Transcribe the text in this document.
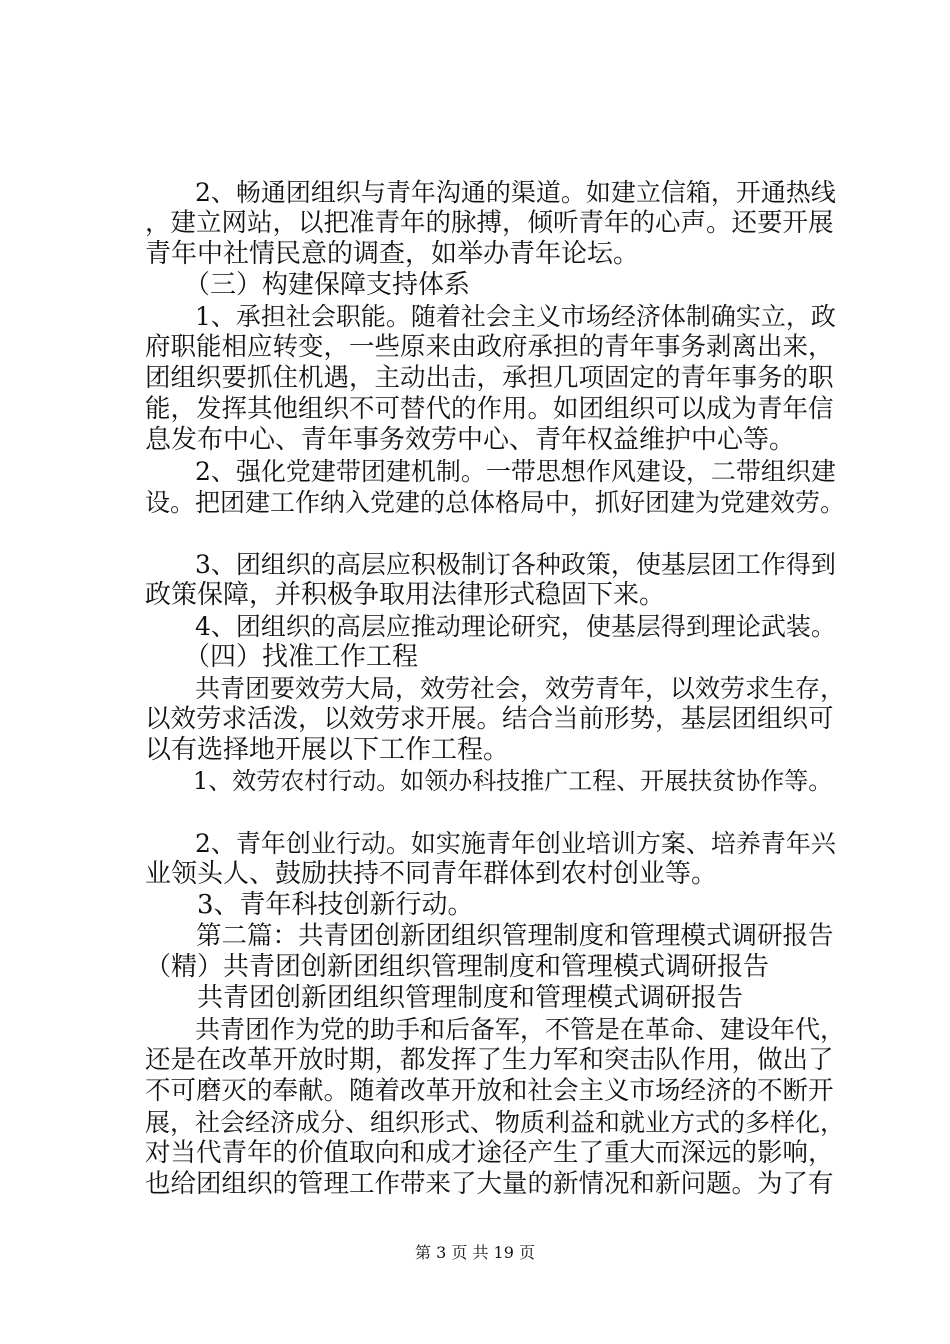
　　2、畅通团组织与青年沟通的渠道。如建立信箱，开通热线
，建立网站，以把准青年的脉搏，倾听青年的心声。还要开展
青年中社情民意的调查，如举办青年论坛。
　　（三）构建保障支持体系
　　1、承担社会职能。随着社会主义市场经济体制确实立，政
府职能相应转变，一些原来由政府承担的青年事务剥离出来，
团组织要抓住机遇，主动出击，承担几项固定的青年事务的职
能，发挥其他组织不可替代的作用。如团组织可以成为青年信
息发布中心、青年事务效劳中心、青年权益维护中心等。
　　2、强化党建带团建机制。一带思想作风建设，二带组织建
设。把团建工作纳入党建的总体格局中，抓好团建为党建效劳。
　　3、团组织的高层应积极制订各种政策，使基层团工作得到
政策保障，并积极争取用法律形式稳固下来。
　　4、团组织的高层应推动理论研究，使基层得到理论武装。
　　（四）找准工作工程
　　共青团要效劳大局，效劳社会，效劳青年，以效劳求生存，
以效劳求活泼，以效劳求开展。结合当前形势，基层团组织可
以有选择地开展以下工作工程。
　　1、效劳农村行动。如领办科技推广工程、开展扶贫协作等。
　　2、青年创业行动。如实施青年创业培训方案、培养青年兴
业领头人、鼓励扶持不同青年群体到农村创业等。
　　3、青年科技创新行动。
　　第二篇：共青团创新团组织管理制度和管理模式调研报告
（精）共青团创新团组织管理制度和管理模式调研报告
　　共青团创新团组织管理制度和管理模式调研报告
　　共青团作为党的助手和后备军，不管是在革命、建设年代，
还是在改革开放时期，都发挥了生力军和突击队作用，做出了
不可磨灭的奉献。随着改革开放和社会主义市场经济的不断开
展，社会经济成分、组织形式、物质利益和就业方式的多样化，
对当代青年的价值取向和成才途径产生了重大而深远的影响，
也给团组织的管理工作带来了大量的新情况和新问题。为了有
第 3 页 共 19 页
